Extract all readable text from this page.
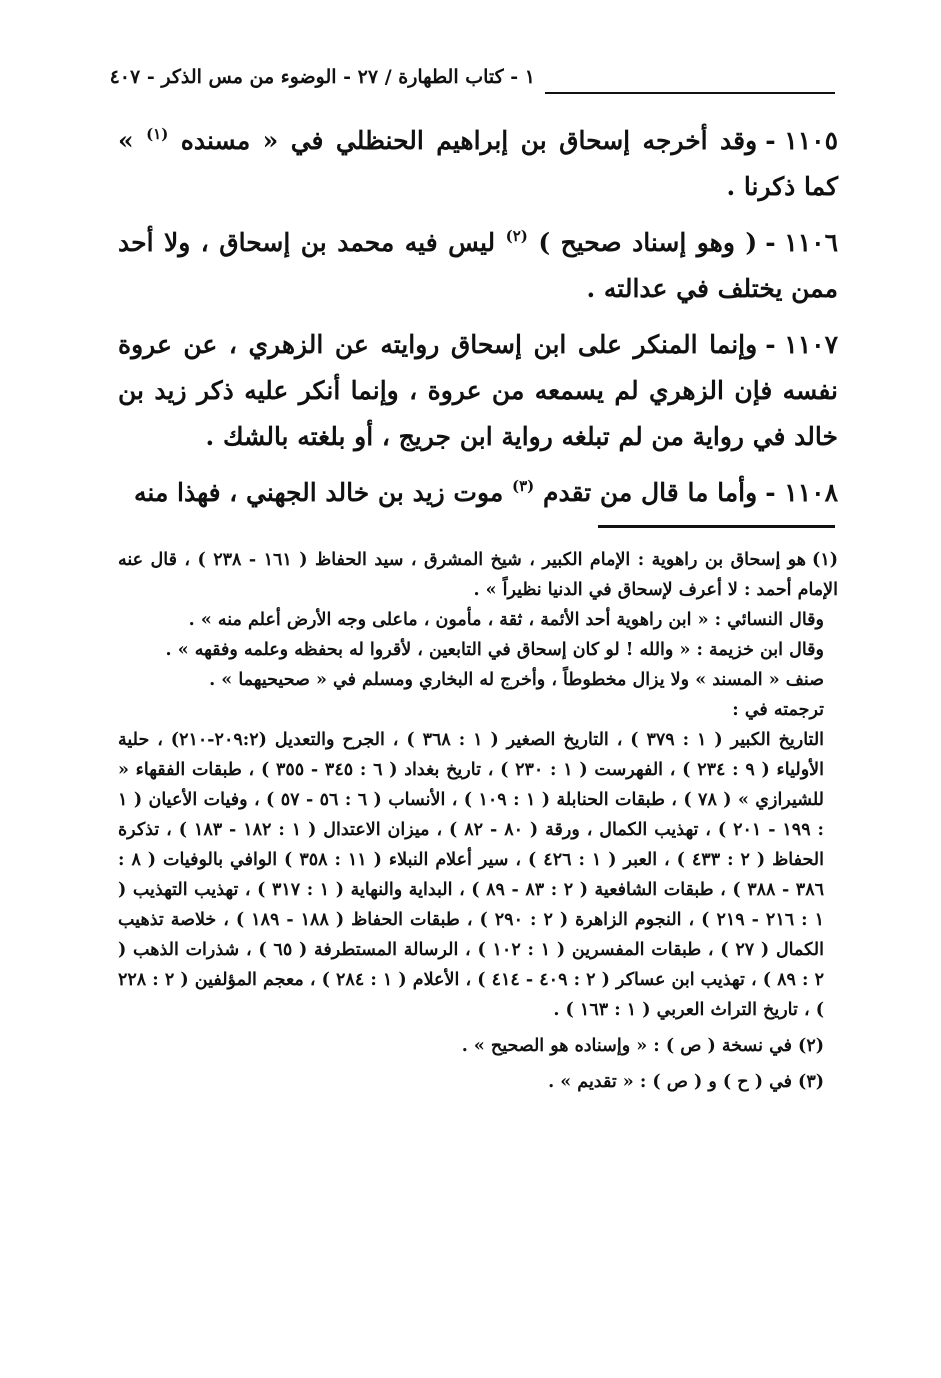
١ - كتاب الطهارة / ٢٧ - الوضوء من مس الذكر - ٤٠٧

١١٠٥ -وقد أخرجه إسحاق بن إبراهيم الحنظلي في « مسنده $^{(١)}$ » كما ذكرنا .

١١٠٦ -( وهو إسناد صحيح ) $^{(٢)}$ ليس فيه محمد بن إسحاق ، ولا أحد ممن يختلف في عدالته .

١١٠٧ -وإنما المنكر على ابن إسحاق روايته عن الزهري ، عن عروة نفسه فإن الزهري لم يسمعه من عروة ، وإنما أنكر عليه ذكر زيد بن خالد في رواية من لم تبلغه رواية ابن جريج ، أو بلغته بالشك .

١١٠٨ -وأما ما قال من تقدم $^{(٣)}$ موت زيد بن خالد الجهني ، فهذا منه

(١)هو إسحاق بن راهوية : الإمام الكبير ، شيخ المشرق ، سيد الحفاظ ( ١٦١ - ٢٣٨ ) ، قال عنه الإمام أحمد : لا أعرف لإسحاق في الدنيا نظيراً » .

وقال النسائي : « ابن راهوية أحد الأئمة ، ثقة ، مأمون ، ماعلى وجه الأرض أعلم منه » .

وقال ابن خزيمة : « والله ! لو كان إسحاق في التابعين ، لأقروا له بحفظه وعلمه وفقهه » .

صنف « المسند » ولا يزال مخطوطاً ، وأخرج له البخاري ومسلم في « صحيحيهما » .

ترجمته في :

التاريخ الكبير ( ١ : ٣٧٩ ) ، التاريخ الصغير ( ١ : ٣٦٨ ) ، الجرح والتعديل (٢٠٩:٢-٢١٠) ، حلية الأولياء ( ٩ : ٢٣٤ ) ، الفهرست ( ١ : ٢٣٠ ) ، تاريخ بغداد ( ٦ : ٣٤٥ - ٣٥٥ ) ، طبقات الفقهاء « للشيرازي » ( ٧٨ ) ، طبقات الحنابلة ( ١ : ١٠٩ ) ، الأنساب ( ٦ : ٥٦ - ٥٧ ) ، وفيات الأعيان ( ١ : ١٩٩ - ٢٠١ ) ، تهذيب الكمال ، ورقة ( ٨٠ - ٨٢ ) ، ميزان الاعتدال ( ١ : ١٨٢ - ١٨٣ ) ، تذكرة الحفاظ ( ٢ : ٤٣٣ ) ، العبر ( ١ : ٤٢٦ ) ، سير أعلام النبلاء ( ١١ : ٣٥٨ ) الوافي بالوفيات ( ٨ : ٣٨٦ - ٣٨٨ ) ، طبقات الشافعية ( ٢ : ٨٣ - ٨٩ ) ، البداية والنهاية ( ١ : ٣١٧ ) ، تهذيب التهذيب ( ١ : ٢١٦ - ٢١٩ ) ، النجوم الزاهرة ( ٢ : ٢٩٠ ) ، طبقات الحفاظ ( ١٨٨ - ١٨٩ ) ، خلاصة تذهيب الكمال ( ٢٧ ) ، طبقات المفسرين ( ١ : ١٠٢ ) ، الرسالة المستطرفة ( ٦٥ ) ، شذرات الذهب ( ٢ : ٨٩ ) ، تهذيب ابن عساكر ( ٢ : ٤٠٩ - ٤١٤ ) ، الأعلام ( ١ : ٢٨٤ ) ، معجم المؤلفين ( ٢ : ٢٢٨ ) ، تاريخ التراث العربي ( ١ : ١٦٣ ) .

(٢)في نسخة ( ص ) : « وإسناده هو الصحيح » .

(٣)في ( ح ) و ( ص ) : « تقديم » .
